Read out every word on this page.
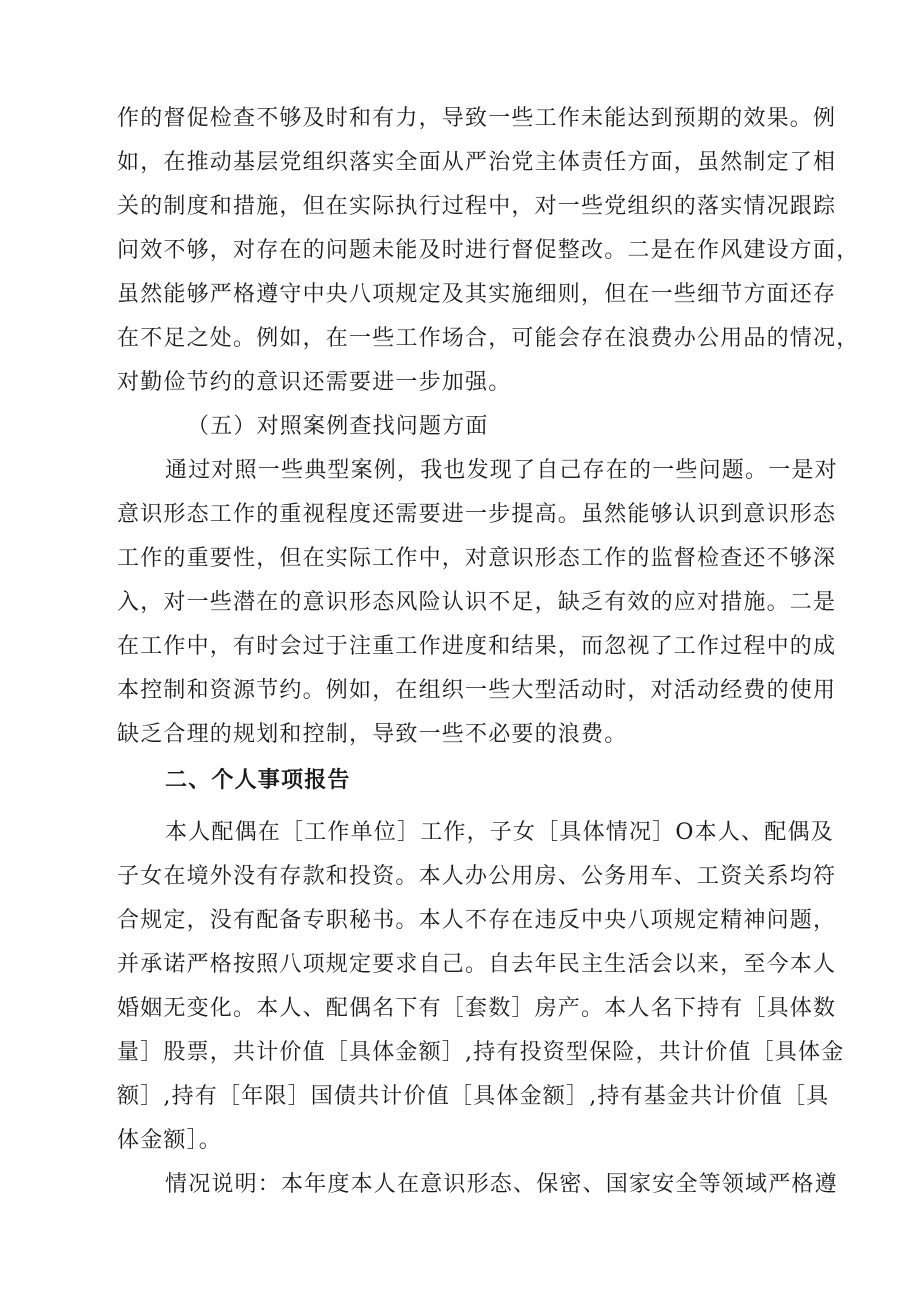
作的督促检查不够及时和有力，导致一些工作未能达到预期的效果。例
如，在推动基层党组织落实全面从严治党主体责任方面，虽然制定了相
关的制度和措施，但在实际执行过程中，对一些党组织的落实情况跟踪
问效不够，对存在的问题未能及时进行督促整改。二是在作风建设方面，
虽然能够严格遵守中央八项规定及其实施细则，但在一些细节方面还存
在不足之处。例如，在一些工作场合，可能会存在浪费办公用品的情况，
对勤俭节约的意识还需要进一步加强。
（五）对照案例查找问题方面
通过对照一些典型案例，我也发现了自己存在的一些问题。一是对
意识形态工作的重视程度还需要进一步提高。虽然能够认识到意识形态
工作的重要性，但在实际工作中，对意识形态工作的监督检查还不够深
入，对一些潜在的意识形态风险认识不足，缺乏有效的应对措施。二是
在工作中，有时会过于注重工作进度和结果，而忽视了工作过程中的成
本控制和资源节约。例如，在组织一些大型活动时，对活动经费的使用
缺乏合理的规划和控制，导致一些不必要的浪费。
二、个人事项报告
本人配偶在［工作单位］工作，子女［具体情况］O本人、配偶及
子女在境外没有存款和投资。本人办公用房、公务用车、工资关系均符
合规定，没有配备专职秘书。本人不存在违反中央八项规定精神问题，
并承诺严格按照八项规定要求自己。自去年民主生活会以来，至今本人
婚姻无变化。本人、配偶名下有［套数］房产。本人名下持有［具体数
量］股票，共计价值［具体金额］,持有投资型保险，共计价值［具体金
额］,持有［年限］国债共计价值［具体金额］,持有基金共计价值［具
体金额］。
情况说明：本年度本人在意识形态、保密、国家安全等领域严格遵
